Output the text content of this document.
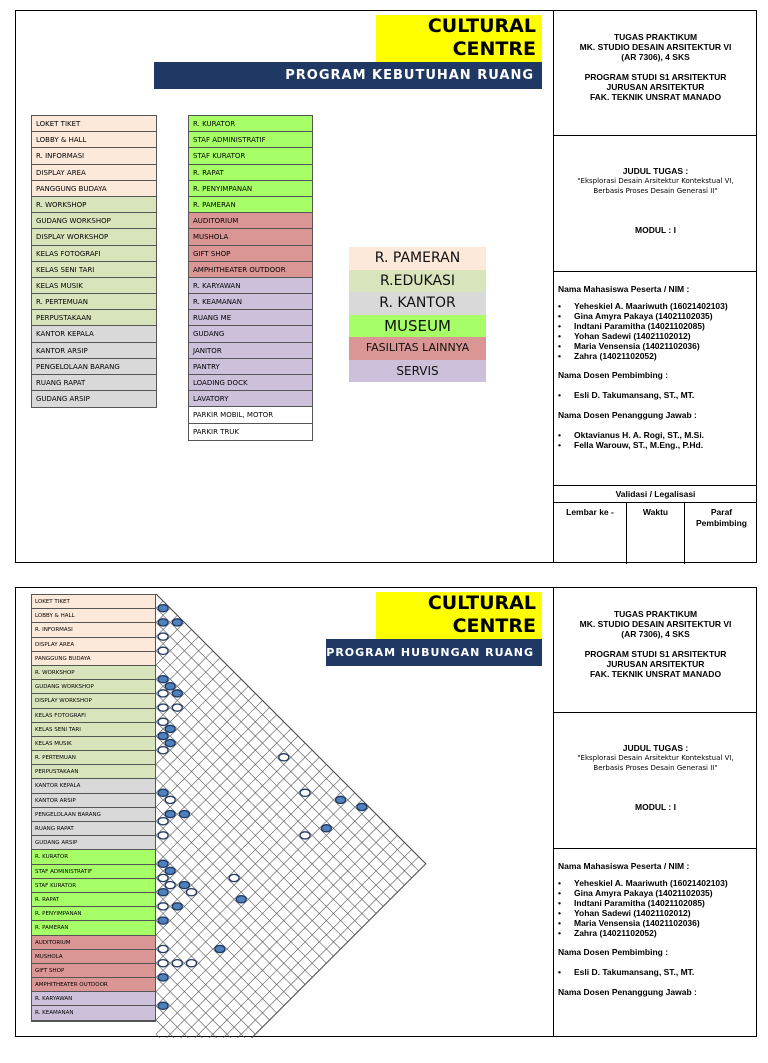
CULTURAL
CENTRE
PROGRAM KEBUTUHAN RUANG
LOKET TIKET
LOBBY & HALL
R. INFORMASI
DISPLAY AREA
PANGGUNG BUDAYA
R. WORKSHOP
GUDANG WORKSHOP
DISPLAY WORKSHOP
KELAS FOTOGRAFI
KELAS SENI TARI
KELAS MUSIK
R. PERTEMUAN
PERPUSTAKAAN
KANTOR KEPALA
KANTOR ARSIP
PENGELOLAAN BARANG
RUANG RAPAT
GUDANG ARSIP
R. KURATOR
STAF ADMINISTRATIF
STAF KURATOR
R. RAPAT
R. PENYIMPANAN
R. PAMERAN
AUDITORIUM
MUSHOLA
GIFT SHOP
AMPHITHEATER OUTDOOR
R. KARYAWAN
R. KEAMANAN
RUANG ME
GUDANG
JANITOR
PANTRY
LOADING DOCK
LAVATORY
PARKIR MOBIL, MOTOR
PARKIR TRUK
R. PAMERAN
R.EDUKASI
R. KANTOR
MUSEUM
FASILITAS LAINNYA
SERVIS
TUGAS PRAKTIKUM
MK. STUDIO DESAIN ARSITEKTUR VI
(AR 7306), 4 SKS
PROGRAM STUDI S1 ARSITEKTUR
JURUSAN ARSITEKTUR
FAK. TEKNIK UNSRAT MANADO
JUDUL TUGAS :
"Eksplorasi Desain Arsitektur Kontekstual VI,
Berbasis Proses Desain Generasi II"
MODUL : I
Nama Mahasiswa Peserta / NIM :
• Yeheskiel A. Maariwuth (16021402103)
• Gina Amyra Pakaya (14021102035)
• Indtani Paramitha (14021102085)
• Yohan Sadewi (14021102012)
• Maria Vensensia (14021102036)
• Zahra (14021102052)
Nama Dosen Pembimbing :
• Esli D. Takumansang, ST., MT.
Nama Dosen Penanggung Jawab :
• Oktavianus H. A. Rogi, ST., M.Si.
• Fella Warouw, ST., M.Eng., P.Hd.
Validasi / Legalisasi
Lembar ke -	Waktu	Paraf
Pembimbing
LOKET TIKET
LOBBY & HALL
R. INFORMASI
DISPLAY AREA
PANGGUNG BUDAYA
R. WORKSHOP
GUDANG WORKSHOP
DISPLAY WORKSHOP
KELAS FOTOGRAFI
KELAS SENI TARI
KELAS MUSIK
R. PERTEMUAN
PERPUSTAKAAN
KANTOR KEPALA
KANTOR ARSIP
PENGELOLAAN BARANG
RUANG RAPAT
GUDANG ARSIP
R. KURATOR
STAF ADMINISTRATIF
STAF KURATOR
R. RAPAT
R. PENYIMPANAN
R. PAMERAN
AUDITORIUM
MUSHOLA
GIFT SHOP
AMPHITHEATER OUTDOOR
R. KARYAWAN
R. KEAMANAN
CULTURAL
CENTRE
PROGRAM HUBUNGAN RUANG
TUGAS PRAKTIKUM
MK. STUDIO DESAIN ARSITEKTUR VI
(AR 7306), 4 SKS
PROGRAM STUDI S1 ARSITEKTUR
JURUSAN ARSITEKTUR
FAK. TEKNIK UNSRAT MANADO
JUDUL TUGAS :
"Eksplorasi Desain Arsitektur Kontekstual VI,
Berbasis Proses Desain Generasi II"
MODUL : I
Nama Mahasiswa Peserta / NIM :
• Yeheskiel A. Maariwuth (16021402103)
• Gina Amyra Pakaya (14021102035)
• Indtani Paramitha (14021102085)
• Yohan Sadewi (14021102012)
• Maria Vensensia (14021102036)
• Zahra (14021102052)
Nama Dosen Pembimbing :
• Esli D. Takumansang, ST., MT.
Nama Dosen Penanggung Jawab :
